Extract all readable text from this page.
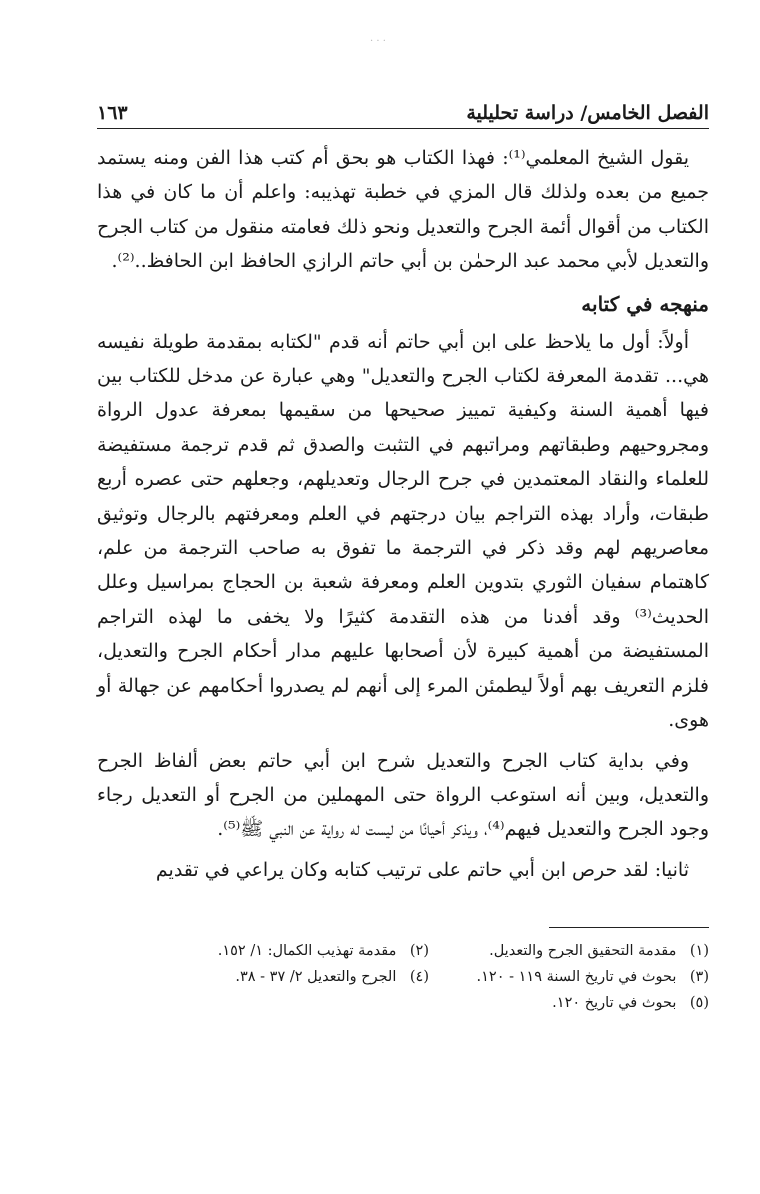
· · ·
الفصل الخامس/ دراسة تحليلية
١٦٣

يقول الشيخ المعلمي⁽¹⁾: فهذا الكتاب هو بحق أم كتب هذا الفن ومنه يستمد جميع من بعده ولذلك قال المزي في خطبة تهذيبه: واعلم أن ما كان في هذا الكتاب من أقوال أئمة الجرح والتعديل ونحو ذلك فعامته منقول من كتاب الجرح والتعديل لأبي محمد عبد الرحمٰن بن أبي حاتم الرازي الحافظ ابن الحافظ..⁽²⁾.

منهجه في كتابه

أولاً: أول ما يلاحظ على ابن أبي حاتم أنه قدم "لكتابه بمقدمة طويلة نفيسه هي... تقدمة المعرفة لكتاب الجرح والتعديل" وهي عبارة عن مدخل للكتاب بين فيها أهمية السنة وكيفية تمييز صحيحها من سقيمها بمعرفة عدول الرواة ومجروحيهم وطبقاتهم ومراتبهم في التثبت والصدق ثم قدم ترجمة مستفيضة للعلماء والنقاد المعتمدين في جرح الرجال وتعديلهم، وجعلهم حتى عصره أربع طبقات، وأراد بهذه التراجم بيان درجتهم في العلم ومعرفتهم بالرجال وتوثيق معاصريهم لهم وقد ذكر في الترجمة ما تفوق به صاحب الترجمة من علم، كاهتمام سفيان الثوري بتدوين العلم ومعرفة شعبة بن الحجاج بمراسيل وعلل الحديث⁽³⁾ وقد أفدنا من هذه التقدمة كثيرًا ولا يخفى ما لهذه التراجم المستفيضة من أهمية كبيرة لأن أصحابها عليهم مدار أحكام الجرح والتعديل، فلزم التعريف بهم أولاً ليطمئن المرء إلى أنهم لم يصدروا أحكامهم عن جهالة أو هوى.

وفي بداية كتاب الجرح والتعديل شرح ابن أبي حاتم بعض ألفاظ الجرح والتعديل، وبين أنه استوعب الرواة حتى المهملين من الجرح أو التعديل رجاء وجود الجرح والتعديل فيهم⁽⁴⁾، ويذكر أحيانًا من ليست له رواية عن النبي ﷺ⁽⁵⁾.

ثانيا: لقد حرص ابن أبي حاتم على ترتيب كتابه وكان يراعي في تقديم

(١) مقدمة التحقيق الجرح والتعديل.
(٢) مقدمة تهذيب الكمال: ١/ ١٥٢.
(٣) بحوث في تاريخ السنة ١١٩ - ١٢٠.
(٤) الجرح والتعديل ٢/ ٣٧ - ٣٨.
(٥) بحوث في تاريخ ١٢٠.
